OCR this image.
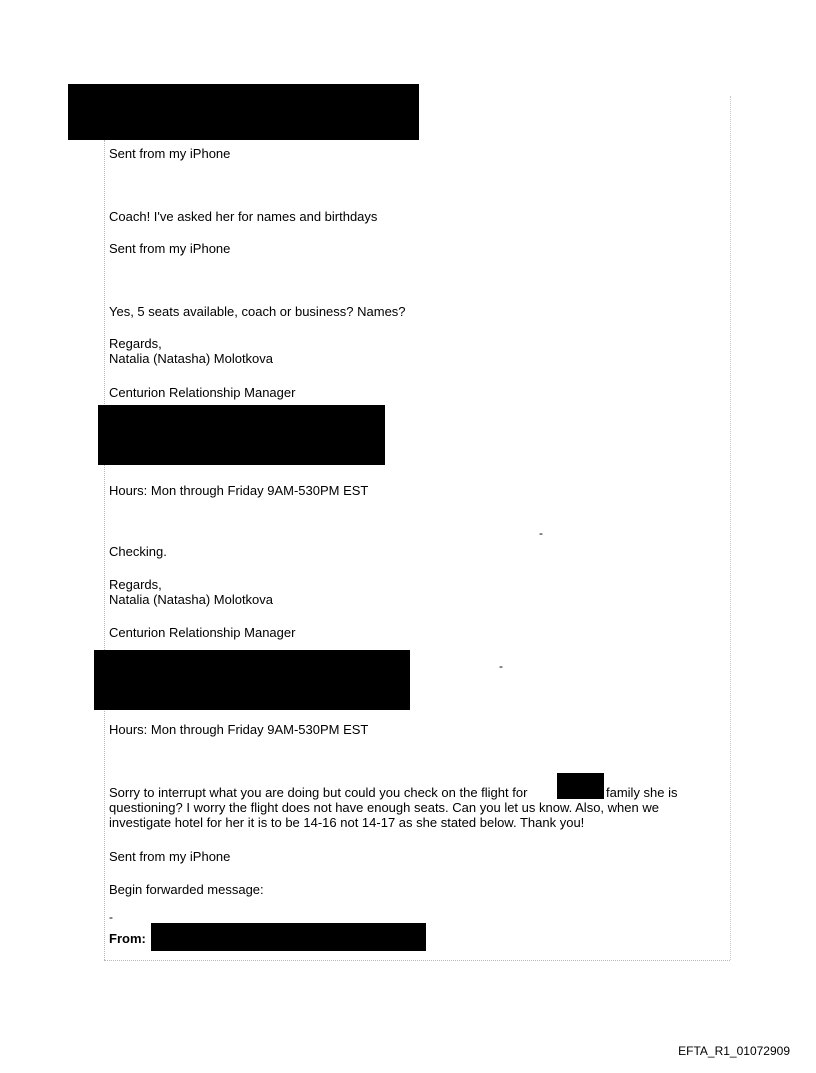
Sent from my iPhone
Coach! I've asked her for names and birthdays
Sent from my iPhone
Yes, 5 seats available, coach or business? Names?
Regards,
Natalia (Natasha) Molotkova
Centurion Relationship Manager
Hours: Mon through Friday 9AM-530PM EST
-
Checking.
Regards,
Natalia (Natasha) Molotkova
Centurion Relationship Manager
-
Hours: Mon through Friday 9AM-530PM EST
Sorry to interrupt what you are doing but could you check on the flight for	family she is
questioning? I worry the flight does not have enough seats. Can you let us know. Also, when we
investigate hotel for her it is to be 14-16 not 14-17 as she stated below. Thank you!
Sent from my iPhone
Begin forwarded message:
-
From:
EFTA_R1_01072909
